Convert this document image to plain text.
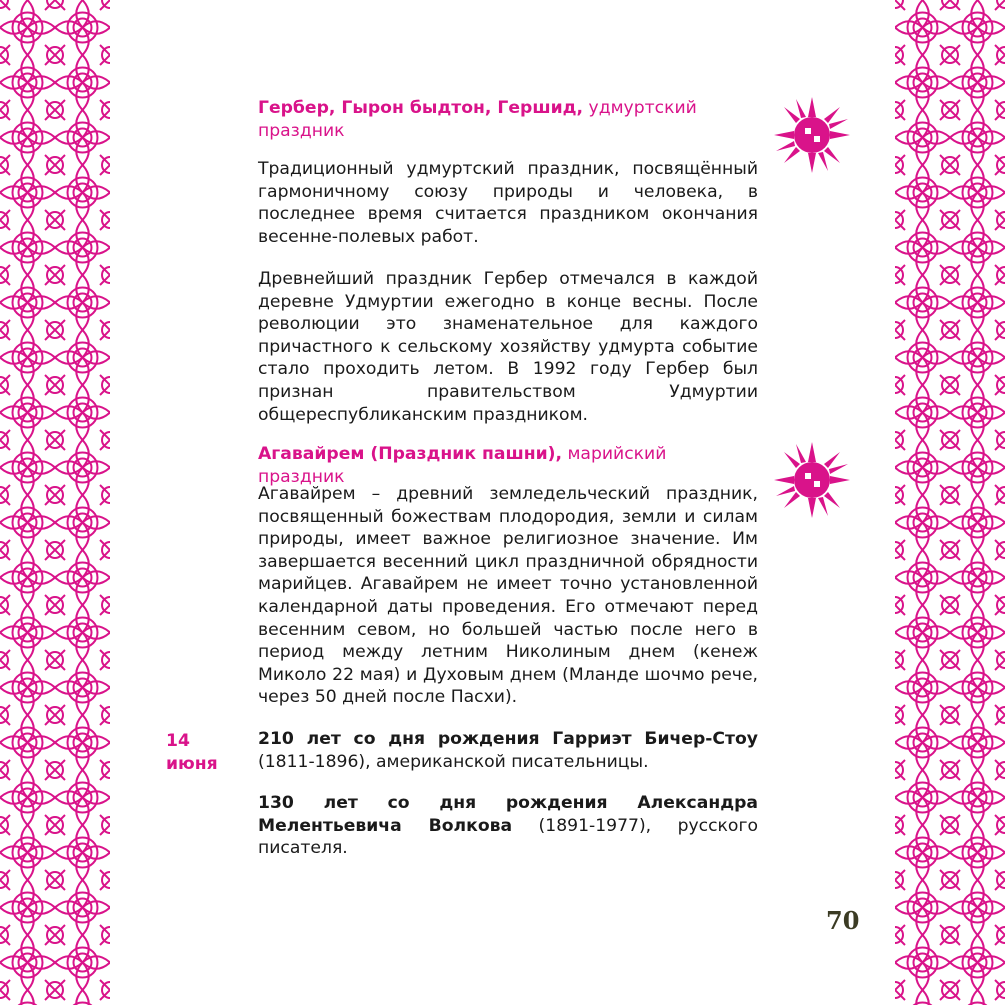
Гербер, Гырон быдтон, Гершид, удмуртский праздник

Традиционный удмуртский праздник, посвящённый гармоничному союзу природы и человека, в последнее время считается праздником окончания весенне-полевых работ.

Древнейший праздник Гербер отмечался в каждой деревне Удмуртии ежегодно в конце весны. После революции это знаменательное для каждого причастного к сельскому хозяйству удмурта событие стало проходить летом. В 1992 году Гербер был признан правительством Удмуртии общереспубликанским праздником.

Агавайрем (Праздник пашни), марийский праздник

Агавайрем – древний земледельческий праздник, посвященный божествам плодородия, земли и силам природы, имеет важное религиозное значение. Им завершается весенний цикл праздничной обрядности марийцев. Агавайрем не имеет точно установленной календарной даты проведения. Его отмечают перед весенним севом, но большей частью после него в период между летним Николиным днем (кенеж Миколо 22 мая) и Духовым днем (Мланде шочмо рече, через 50 дней после Пасхи).

14 июня

210 лет со дня рождения Гарриэт Бичер-Стоу (1811-1896), американской писательницы.

130 лет со дня рождения Александра Мелентьевича Волкова (1891-1977), русского писателя.

70
